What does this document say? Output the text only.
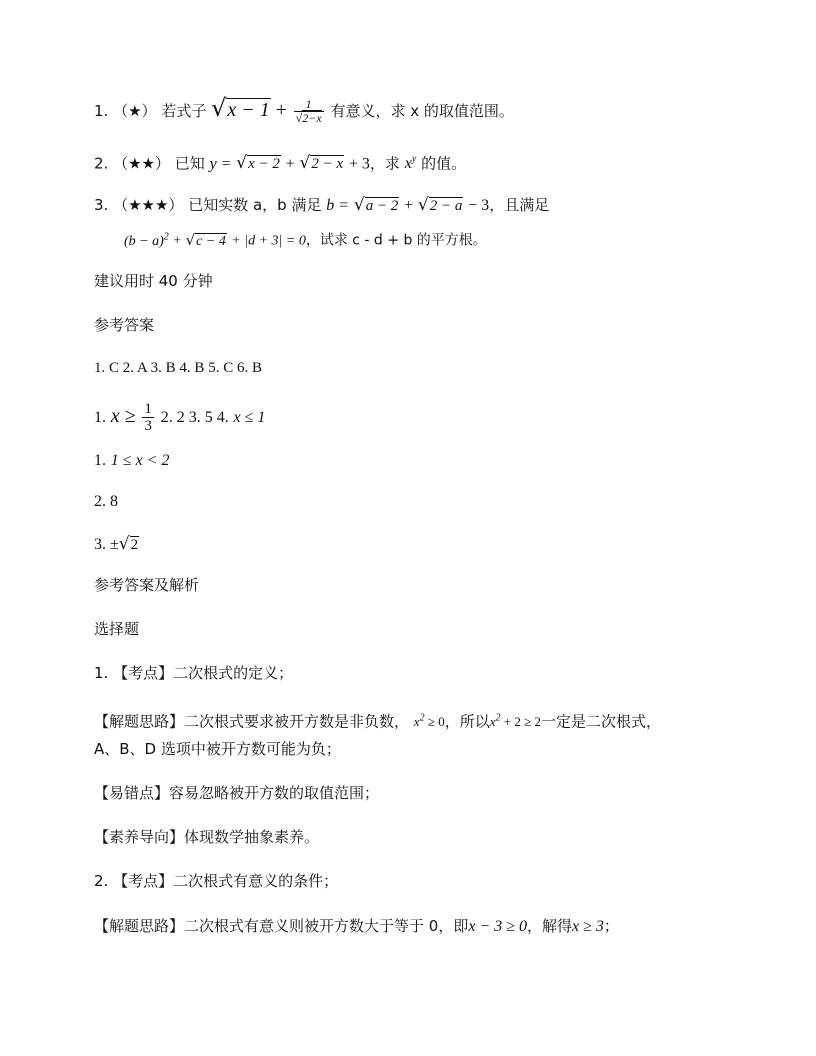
1. （★） 若式子 $√x - 1 + \frac{1}{√2-x}$ 有意义，求 x 的取值范围。
2. （★★） 已知 y = √x − 2 + √2 − x + 3，求 $x^y$ 的值。
3. （★★★） 已知实数 a，b 满足 b = √a − 2 + √2 − a − 3，且满足
$(b - a)^2 + √c - 4 + |d + 3| = 0$，试求 c - d + b 的平方根。
建议用时 40 分钟
参考答案
1. C 2. A 3. B 4. B 5. C 6. B
1. $x \ge \frac{1}{3} 2$. 2 3. 5 4. x ≤ 1
1. 1 ≤ x < 2
2. 8
3. ±√2
参考答案及解析
选择题
1. 【考点】二次根式的定义；
【解题思路】二次根式要求被开方数是非负数， $x^2 \ge 0$，所以$x^2 + 2 \ge 2$一定是二次根式，
A、B、D 选项中被开方数可能为负；
【易错点】容易忽略被开方数的取值范围；
【素养导向】体现数学抽象素养。
2. 【考点】二次根式有意义的条件；
【解题思路】二次根式有意义则被开方数大于等于 0，即x − 3 ≥ 0，解得x ≥ 3；
